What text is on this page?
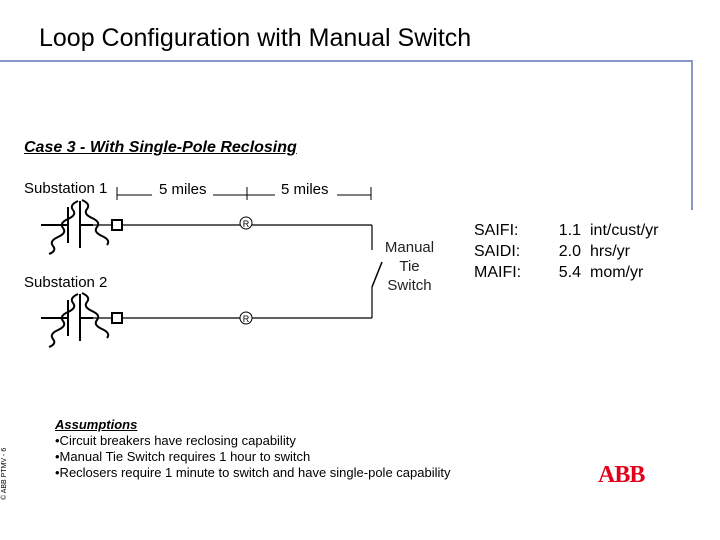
Loop Configuration with Manual Switch
Case 3 - With Single-Pole Reclosing
Substation 1
Substation 2
5 miles	5 miles
R
R
Manual
Tie
Switch
SAIFI:
SAIDI:
MAIFI:
1.1
2.0
5.4
int/cust/yr
hrs/yr
mom/yr
Assumptions
•Circuit breakers have reclosing capability
•Manual Tie Switch requires 1 hour to switch
•Reclosers require 1 minute to switch and have single-pole capability
© ABB PTMV - 6	ABB
